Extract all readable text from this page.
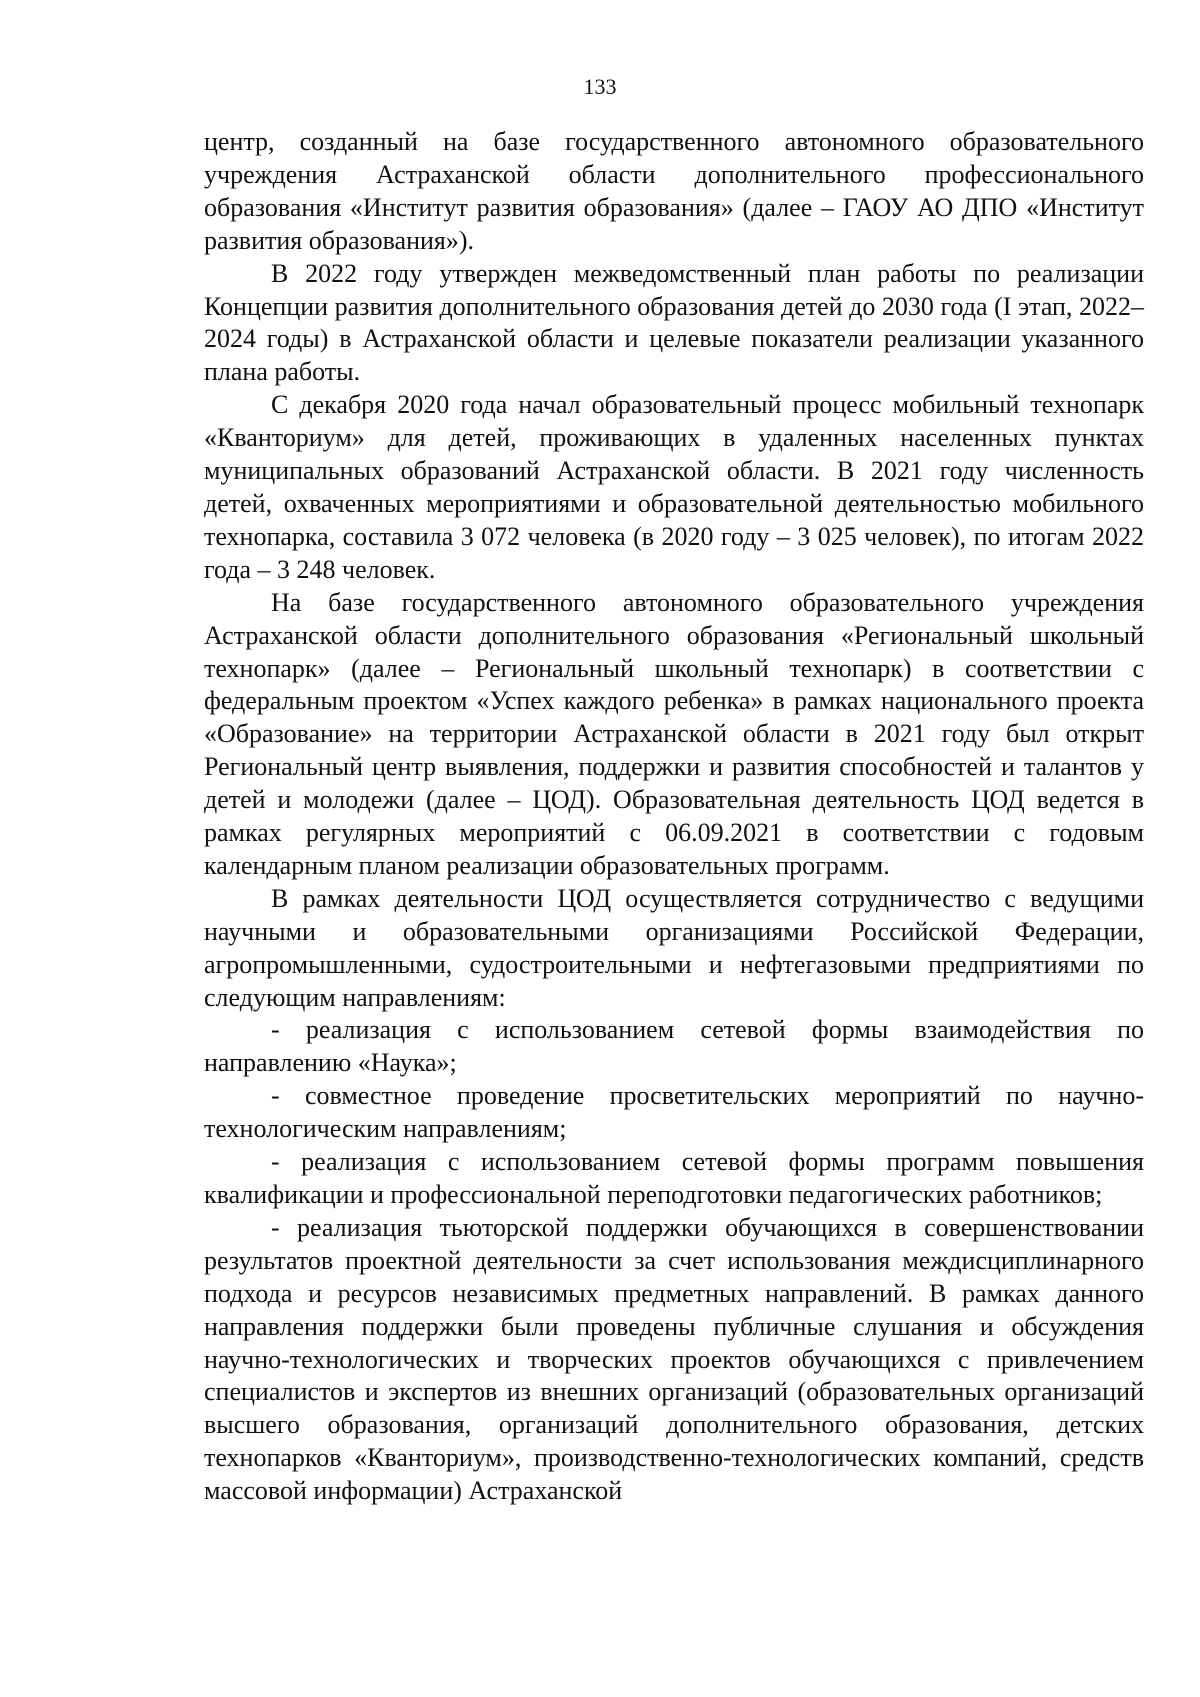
133

центр, созданный на базе государственного автономного образовательного учреждения Астраханской области дополнительного профессионального образования «Институт развития образования» (далее – ГАОУ АО ДПО «Институт развития образования»).

В 2022 году утвержден межведомственный план работы по реализации Концепции развития дополнительного образования детей до 2030 года (I этап, 2022–2024 годы) в Астраханской области и целевые показатели реализации указанного плана работы.

С декабря 2020 года начал образовательный процесс мобильный технопарк «Кванториум» для детей, проживающих в удаленных населенных пунктах муниципальных образований Астраханской области. В 2021 году численность детей, охваченных мероприятиями и образовательной деятельностью мобильного технопарка, составила 3 072 человека (в 2020 году – 3 025 человек), по итогам 2022 года – 3 248 человек.

На базе государственного автономного образовательного учреждения Астраханской области дополнительного образования «Региональный школьный технопарк» (далее – Региональный школьный технопарк) в соответствии с федеральным проектом «Успех каждого ребенка» в рамках национального проекта «Образование» на территории Астраханской области в 2021 году был открыт Региональный центр выявления, поддержки и развития способностей и талантов у детей и молодежи (далее – ЦОД). Образовательная деятельность ЦОД ведется в рамках регулярных мероприятий с 06.09.2021 в соответствии с годовым календарным планом реализации образовательных программ.

В рамках деятельности ЦОД осуществляется сотрудничество с ведущими научными и образовательными организациями Российской Федерации, агропромышленными, судостроительными и нефтегазовыми предприятиями по следующим направлениям:

- реализация с использованием сетевой формы взаимодействия по направлению «Наука»;

- совместное проведение просветительских мероприятий по научно-технологическим направлениям;

- реализация с использованием сетевой формы программ повышения квалификации и профессиональной переподготовки педагогических работников;

- реализация тьюторской поддержки обучающихся в совершенствовании результатов проектной деятельности за счет использования междисциплинарного подхода и ресурсов независимых предметных направлений. В рамках данного направления поддержки были проведены публичные слушания и обсуждения научно-технологических и творческих проектов обучающихся с привлечением специалистов и экспертов из внешних организаций (образовательных организаций высшего образования, организаций дополнительного образования, детских технопарков «Кванториум», производственно-технологических компаний, средств массовой информации) Астраханской
